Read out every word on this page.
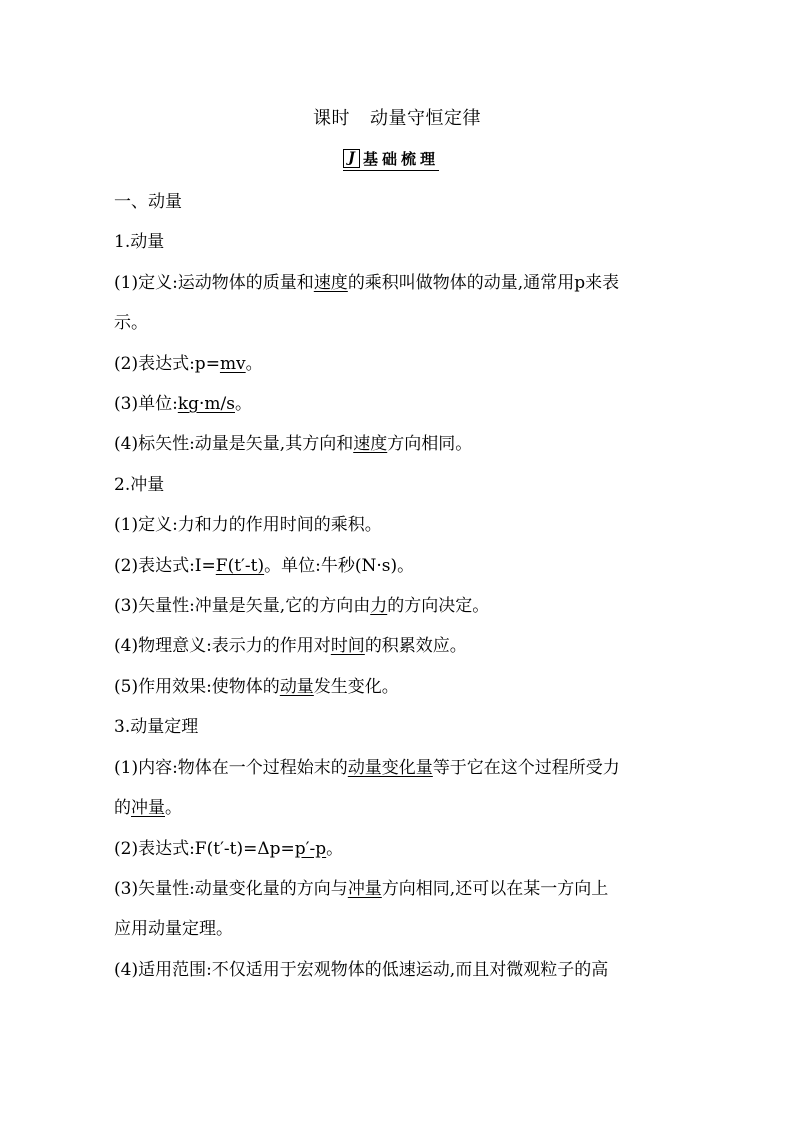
课时 动量守恒定律
J 基础梳理
一、动量
1.动量
(1)定义:运动物体的质量和速度的乘积叫做物体的动量,通常用p来表
示。
(2)表达式:p=mv。
(3)单位:kg·m/s。
(4)标矢性:动量是矢量,其方向和速度方向相同。
2.冲量
(1)定义:力和力的作用时间的乘积。
(2)表达式:I=F(t′-t)。单位:牛秒(N·s)。
(3)矢量性:冲量是矢量,它的方向由力的方向决定。
(4)物理意义:表示力的作用对时间的积累效应。
(5)作用效果:使物体的动量发生变化。
3.动量定理
(1)内容:物体在一个过程始末的动量变化量等于它在这个过程所受力
的冲量。
(2)表达式:F(t′-t)=Δp=p′-p。
(3)矢量性:动量变化量的方向与冲量方向相同,还可以在某一方向上
应用动量定理。
(4)适用范围:不仅适用于宏观物体的低速运动,而且对微观粒子的高
